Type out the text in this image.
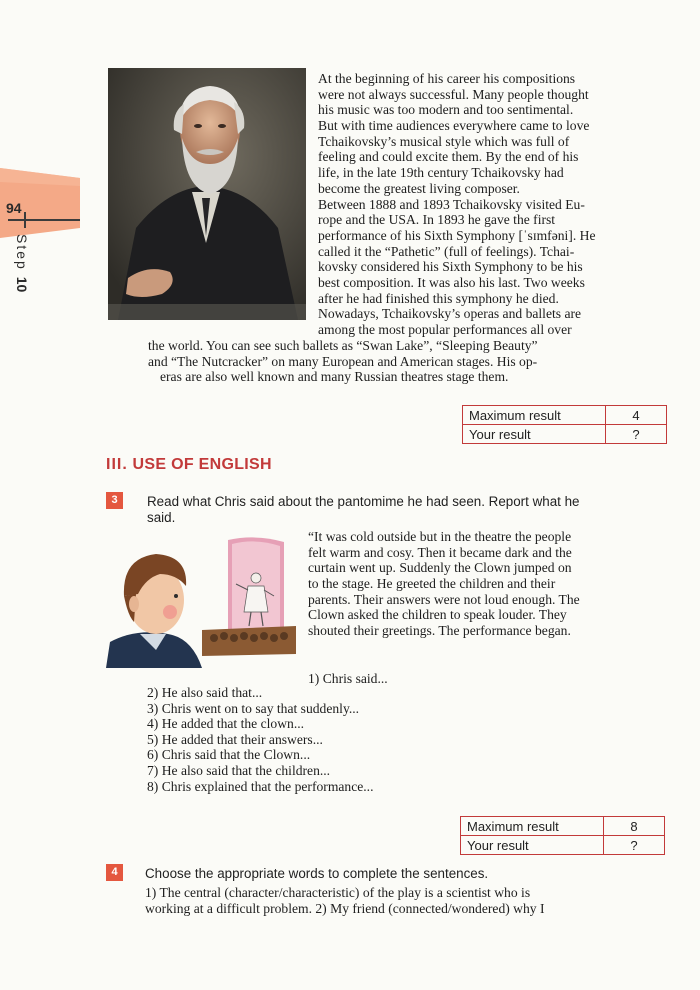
94
Step 10
At the beginning of his career his compositions
were not always successful. Many people thought
his music was too modern and too sentimental.
But with time audiences everywhere came to love
Tchaikovsky’s musical style which was full of
feeling and could excite them. By the end of his
life, in the late 19th century Tchaikovsky had
become the greatest living composer.
Between 1888 and 1893 Tchaikovsky visited Eu-
rope and the USA. In 1893 he gave the first
performance of his Sixth Symphony [ˈsɪmfəni]. He
called it the “Pathetic” (full of feelings). Tchai-
kovsky considered his Sixth Symphony to be his
best composition. It was also his last. Two weeks
after he had finished this symphony he died.
Nowadays, Tchaikovsky’s operas and ballets are
among the most popular performances all over
the world. You can see such ballets as “Swan Lake”, “Sleeping Beauty”
and “The Nutcracker” on many European and American stages. His op-
eras are also well known and many Russian theatres stage them.
Maximum result	4
Your result	?
III. USE OF ENGLISH
3	Read what Chris said about the pantomime he had seen. Report what he
said.
“It was cold outside but in the theatre the people
felt warm and cosy. Then it became dark and the
curtain went up. Suddenly the Clown jumped on
to the stage. He greeted the children and their
parents. Their answers were not loud enough. The
Clown asked the children to speak louder. They
shouted their greetings. The performance began.
1) Chris said...
2) He also said that...
3) Chris went on to say that suddenly...
4) He added that the clown...
5) He added that their answers...
6) Chris said that the Clown...
7) He also said that the children...
8) Chris explained that the performance...
Maximum result	8
Your result	?
4	Choose the appropriate words to complete the sentences.
1) The central (character/characteristic) of the play is a scientist who is
working at a difficult problem. 2) My friend (connected/wondered) why I
